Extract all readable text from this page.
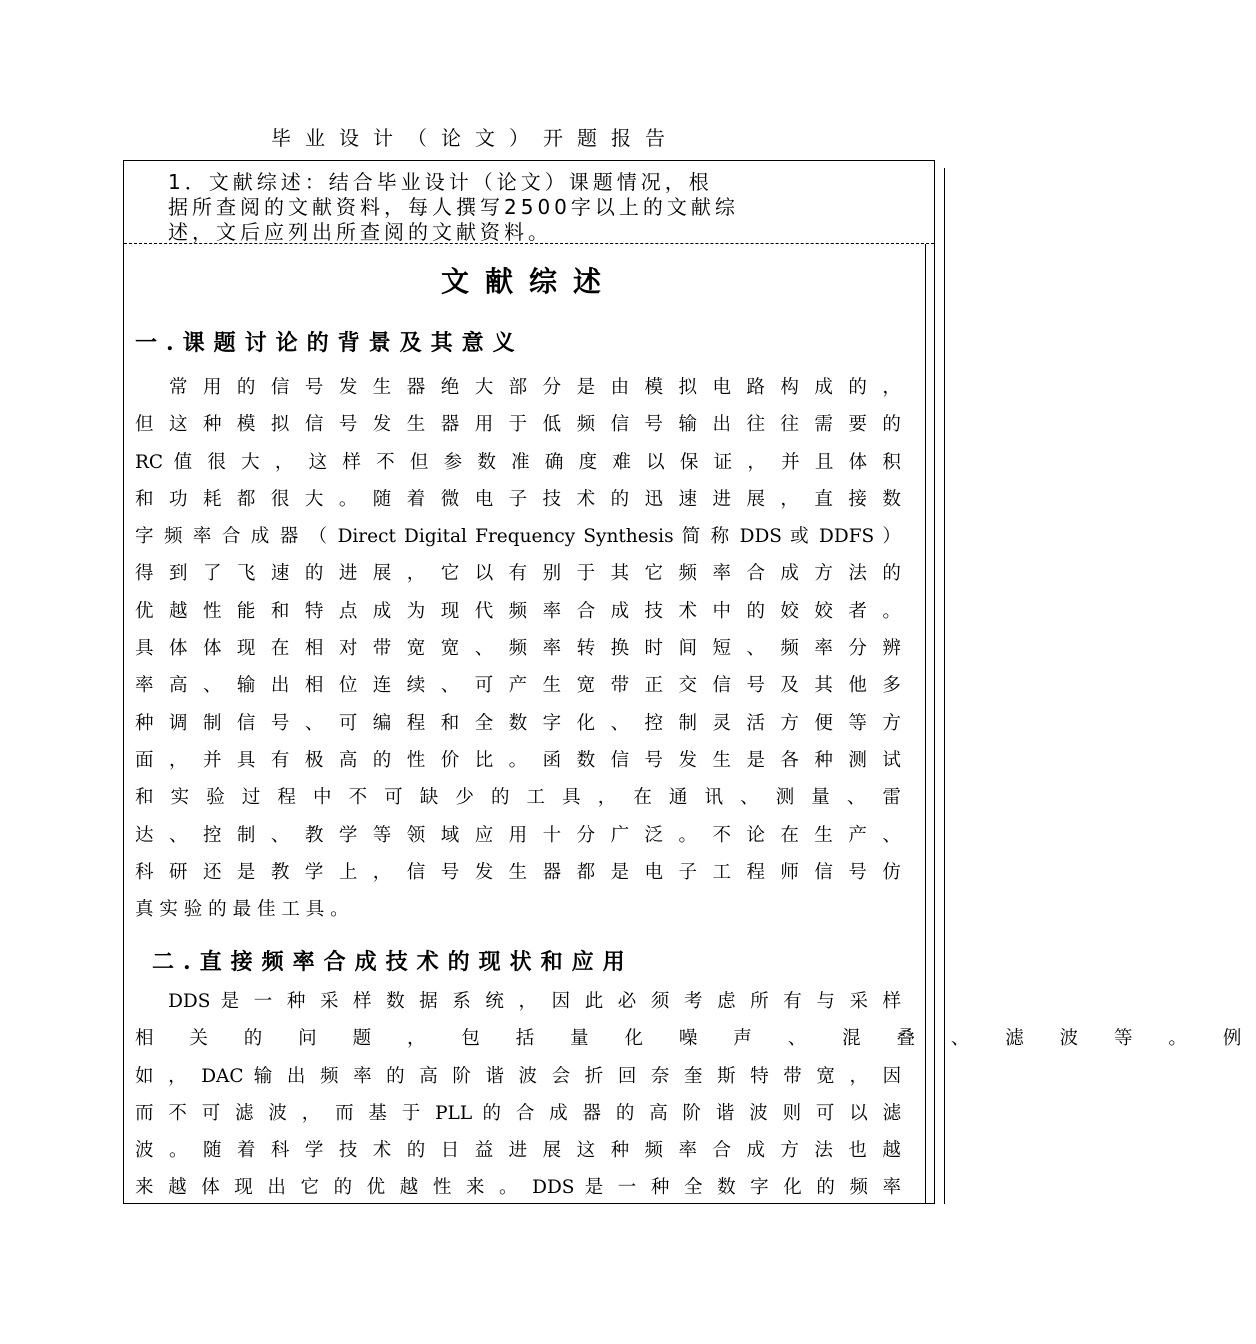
毕业设计（论文）开题报告
1．文献综述：结合毕业设计（论文）课题情况，根
据所查阅的文献资料，每人撰写2500字以上的文献综
述，文后应列出所查阅的文献资料。
文献综述
一.课题讨论的背景及其意义
　 常 用 的 信 号 发 生 器 绝 大 部 分 是 由 模 拟 电 路 构 成 的 ，
但 这 种 模 拟 信 号 发 生 器 用 于 低 频 信 号 输 出 往 往 需 要 的
RC 值 很 大 ， 这 样 不 但 参 数 准 确 度 难 以 保 证 ， 并 且 体 积
和 功 耗 都 很 大 。 随 着 微 电 子 技 术 的 迅 速 进 展 ， 直 接 数
字 频 率 合 成 器 （ Direct Digital Frequency Synthesis 简 称 DDS 或 DDFS ）
得 到 了 飞 速 的 进 展 ， 它 以 有 别 于 其 它 频 率 合 成 方 法 的
优 越 性 能 和 特 点 成 为 现 代 频 率 合 成 技 术 中 的 姣 姣 者 。
具 体 体 现 在 相 对 带 宽 宽 、 频 率 转 换 时 间 短 、 频 率 分 辨
率 高 、 输 出 相 位 连 续 、 可 产 生 宽 带 正 交 信 号 及 其 他 多
种 调 制 信 号 、 可 编 程 和 全 数 字 化 、 控 制 灵 活 方 便 等 方
面 ， 并 具 有 极 高 的 性 价 比 。 函 数 信 号 发 生 是 各 种 测 试
和 实 验 过 程 中 不 可 缺 少 的 工 具 ， 在 通 讯 、 测 量 、 雷
达 、 控 制 、 教 学 等 领 域 应 用 十 分 广 泛 。 不 论 在 生 产 、
科 研 还 是 教 学 上 ， 信 号 发 生 器 都 是 电 子 工 程 师 信 号 仿
真 实 验 的 最 佳 工 具 。
二.直接频率合成技术的现状和应用
　 DDS 是 一 种 采 样 数 据 系 统 ， 因 此 必 须 考 虑 所 有 与 采 样
相 关 的 问 题 ， 包 括 量 化 噪 声 、 混 叠 、 滤 波 等 。 例
如 ， DAC 输 出 频 率 的 高 阶 谐 波 会 折 回 奈 奎 斯 特 带 宽 ， 因
而 不 可 滤 波 ， 而 基 于 PLL 的 合 成 器 的 高 阶 谐 波 则 可 以 滤
波 。 随 着 科 学 技 术 的 日 益 进 展 这 种 频 率 合 成 方 法 也 越
来 越 体 现 出 它 的 优 越 性 来 。 DDS 是 一 种 全 数 字 化 的 频 率
